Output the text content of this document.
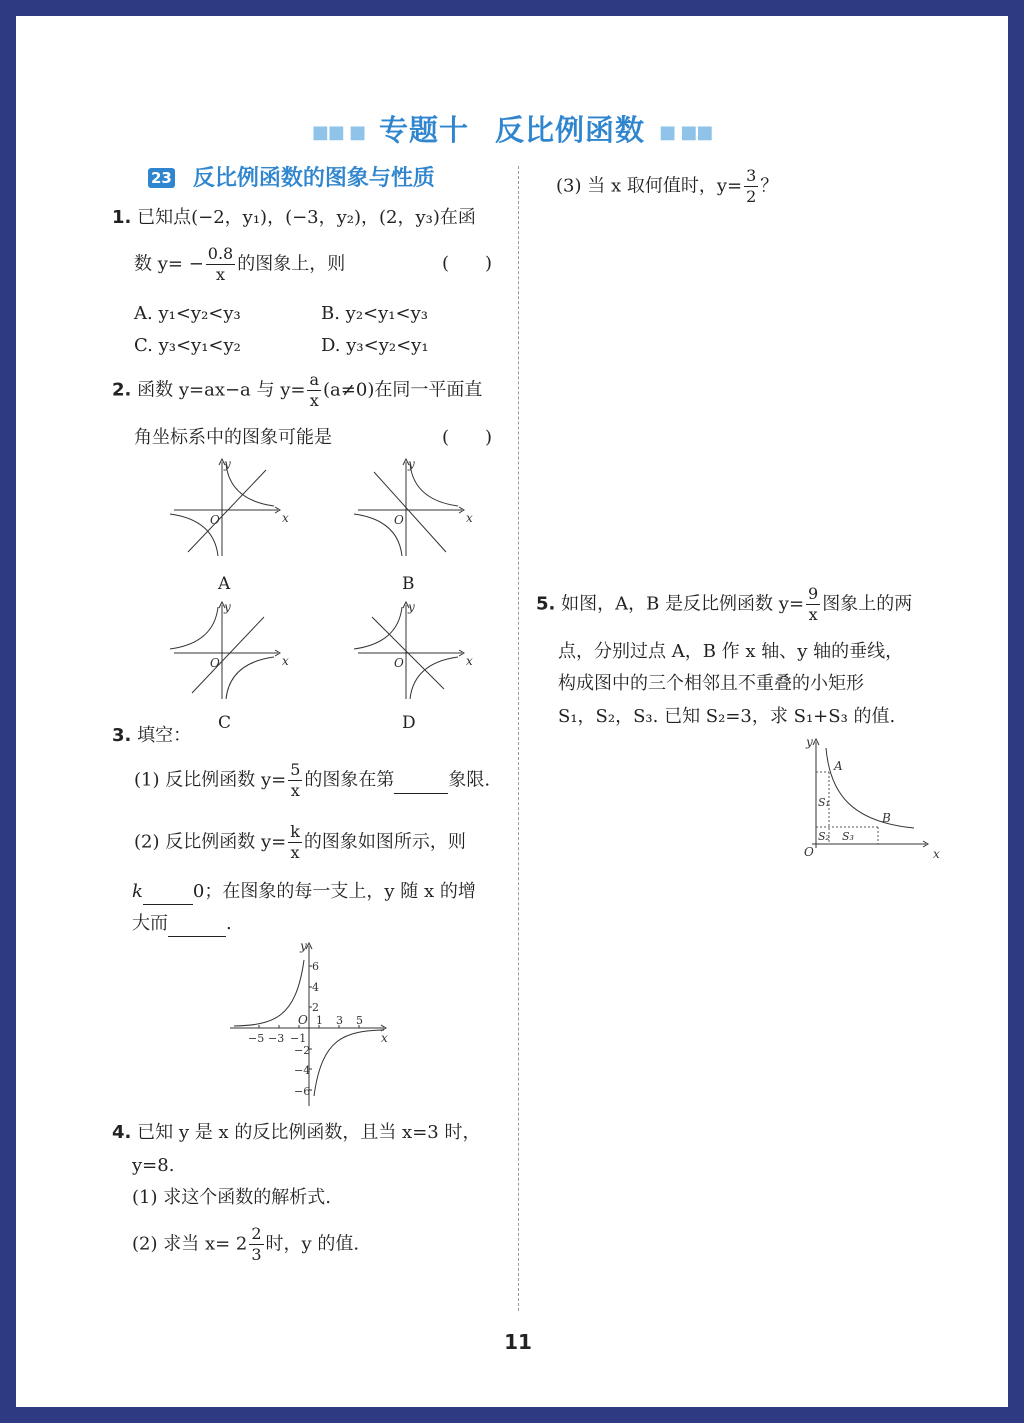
■■ ■ 专题十 反比例函数 ■ ■■
23 反比例函数的图象与性质
1. 已知点(−2，y₁)，(−3，y₂)，(2，y₃)在函
数 $y= - \frac{0.8}{x}$ 的图象上，则	(　　)
A. y₁<y₂<y₃	B. y₂<y₁<y₃
C. y₃<y₁<y₂	D. y₃<y₂<y₁
2. 函数 y=ax−a 与 $y= \frac{a}{x} (a\ne 0)$在同一平面直
角坐标系中的图象可能是	(　　)
y
x
O
y
x
O
y
x
O
y
x
O
A	B
C	D
3. 填空：
(1) 反比例函数 $y= \frac{5}{x}$ 的图象在第	象限.
(2) 反比例函数 $y= \frac{k}{x}$ 的图象如图所示，则
k	0；在图象的每一支上，y 随 x 的增
大而	.
6
4
2
−2
−4
−6
1 3 5
−5 −3 −1
y
x
O
4. 已知 y 是 x 的反比例函数，且当 x=3 时，
y=8.
(1) 求这个函数的解析式.
(2) 求当 $x= 2 \frac{2}{3}$ 时，y 的值.
(3) 当 x 取何值时，$y= \frac{3}{2}$ ？
5. 如图，A，B 是反比例函数 $y= \frac{9}{x}$ 图象上的两
点，分别过点 A，B 作 x 轴、y 轴的垂线，
构成图中的三个相邻且不重叠的小矩形
S₁，S₂，S₃. 已知 S₂=3，求 S₁+S₃ 的值.
y
x
O
A
B
S₁
S₂ S₃
11
